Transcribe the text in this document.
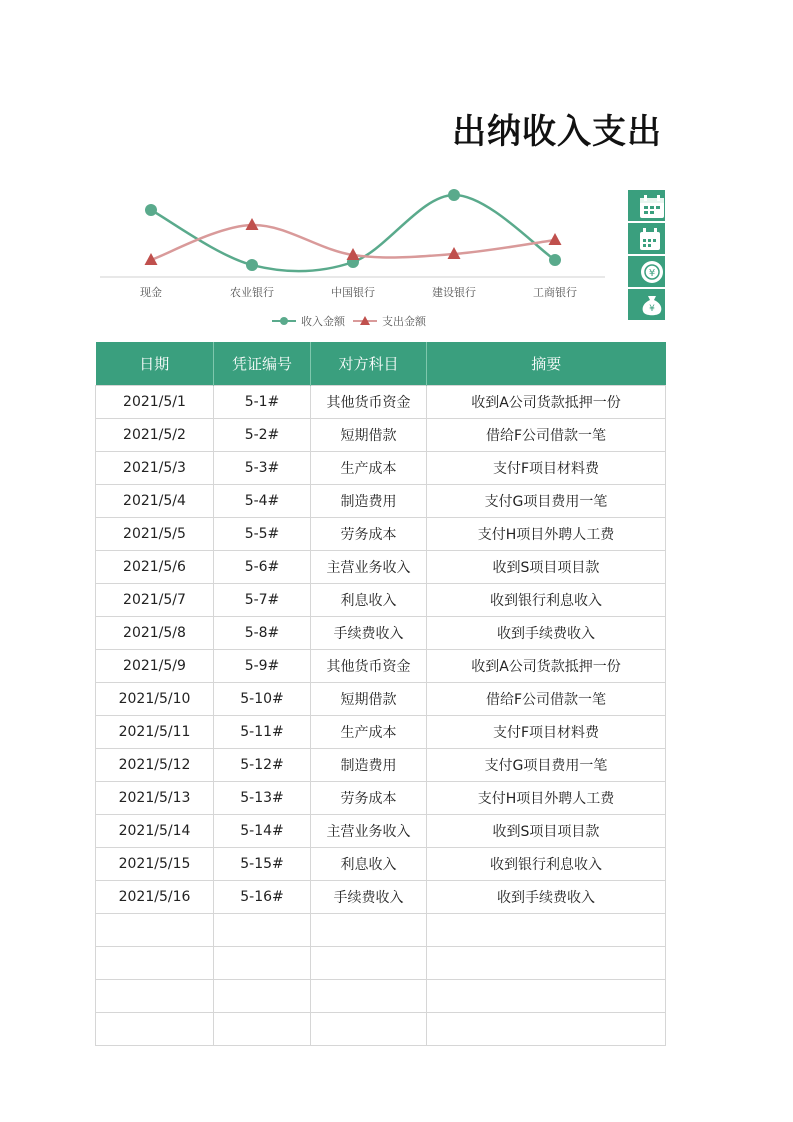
出纳收入支出
现金	农业银行	中国银行	建设银行	工商银行
收入金额	支出金额
¥
¥
日期	凭证编号	对方科目	摘要
2021/5/1	5-1#	其他货币资金	收到A公司货款抵押一份
2021/5/2	5-2#	短期借款	借给F公司借款一笔
2021/5/3	5-3#	生产成本	支付F项目材料费
2021/5/4	5-4#	制造费用	支付G项目费用一笔
2021/5/5	5-5#	劳务成本	支付H项目外聘人工费
2021/5/6	5-6#	主营业务收入	收到S项目项目款
2021/5/7	5-7#	利息收入	收到银行利息收入
2021/5/8	5-8#	手续费收入	收到手续费收入
2021/5/9	5-9#	其他货币资金	收到A公司货款抵押一份
2021/5/10	5-10#	短期借款	借给F公司借款一笔
2021/5/11	5-11#	生产成本	支付F项目材料费
2021/5/12	5-12#	制造费用	支付G项目费用一笔
2021/5/13	5-13#	劳务成本	支付H项目外聘人工费
2021/5/14	5-14#	主营业务收入	收到S项目项目款
2021/5/15	5-15#	利息收入	收到银行利息收入
2021/5/16	5-16#	手续费收入	收到手续费收入
